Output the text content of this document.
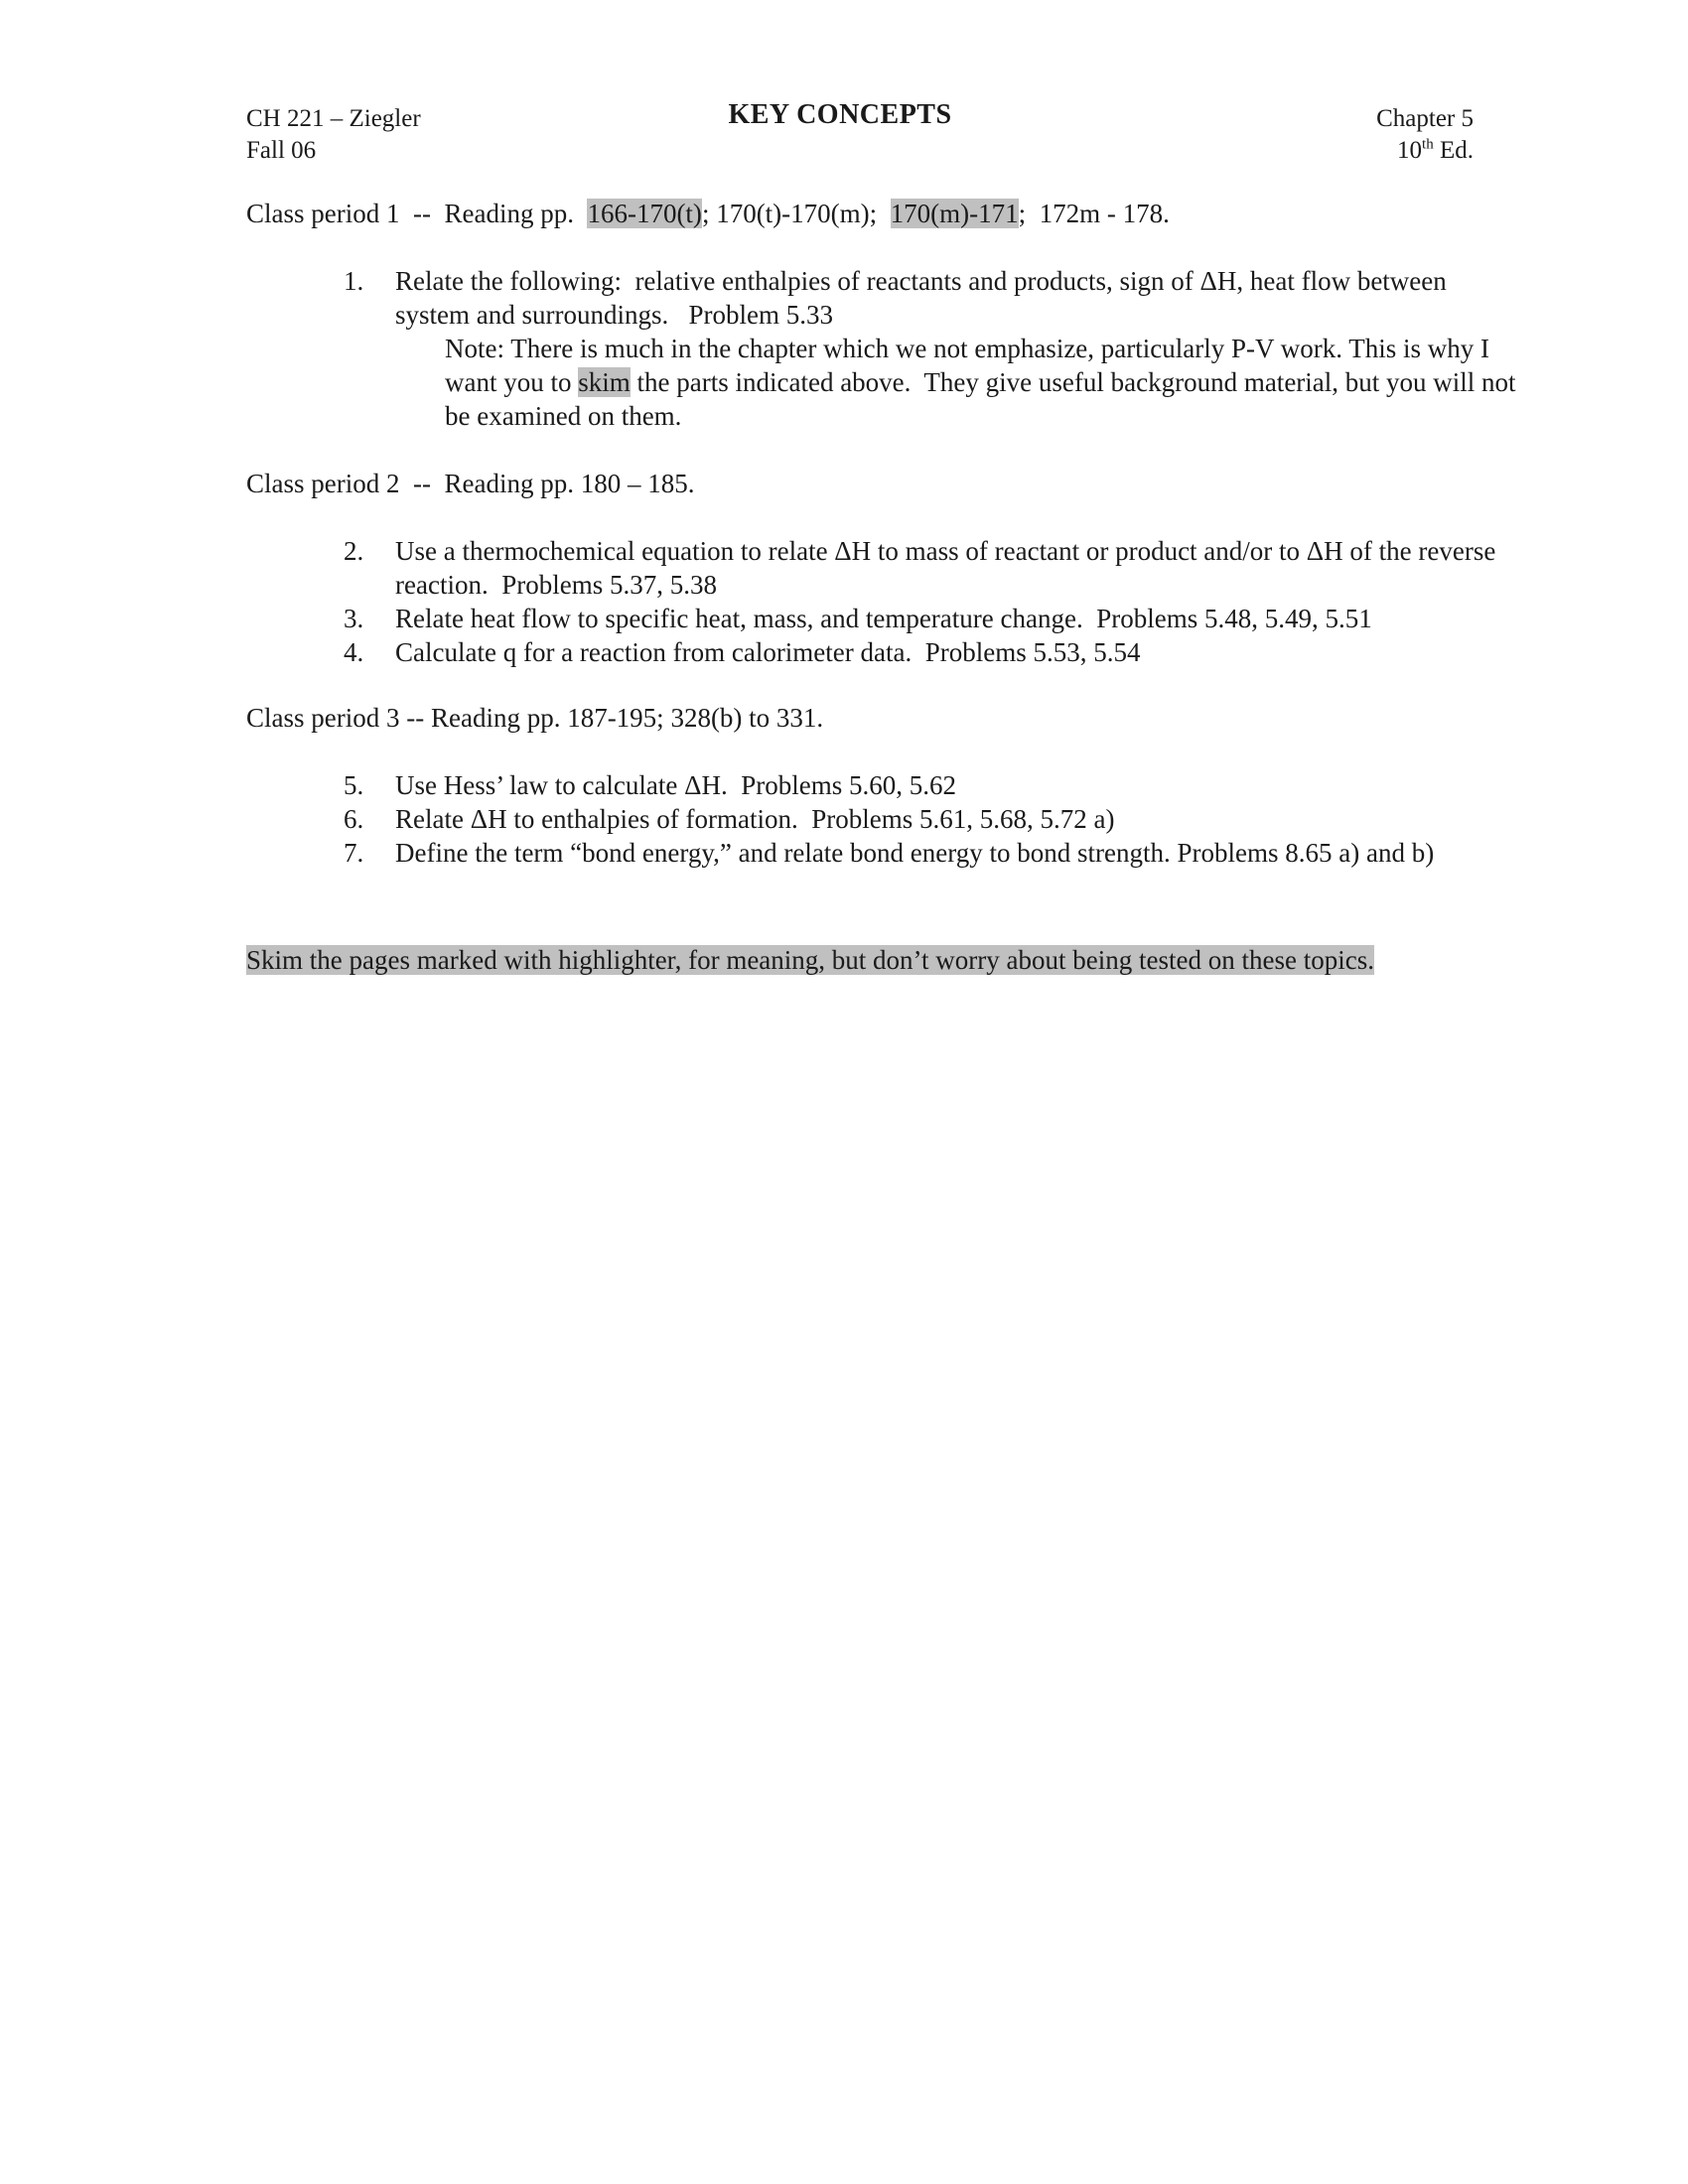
CH 221 – Ziegler
Fall 06
KEY CONCEPTS	Chapter 5
10th Ed.
Class period 1  --  Reading pp.  166-170(t); 170(t)-170(m);  170(m)-171;  172m - 178.
1. Relate the following:  relative enthalpies of reactants and products, sign of ΔH, heat flow between system and surroundings.   Problem 5.33
Note: There is much in the chapter which we not emphasize, particularly P-V work. This is why I want you to skim the parts indicated above.  They give useful background material, but you will not be examined on them.
Class period 2  --  Reading pp. 180 – 185.
2. Use a thermochemical equation to relate ΔH to mass of reactant or product and/or to ΔH of the reverse reaction.  Problems 5.37, 5.38
3. Relate heat flow to specific heat, mass, and temperature change.  Problems 5.48, 5.49, 5.51
4. Calculate q for a reaction from calorimeter data.  Problems 5.53, 5.54
Class period 3 -- Reading pp. 187-195; 328(b) to 331.
5. Use Hess’ law to calculate ΔH.  Problems 5.60, 5.62
6. Relate ΔH to enthalpies of formation.  Problems 5.61, 5.68, 5.72 a)
7. Define the term “bond energy,” and relate bond energy to bond strength. Problems 8.65 a) and b)
Skim the pages marked with highlighter, for meaning, but don’t worry about being tested on these topics.
